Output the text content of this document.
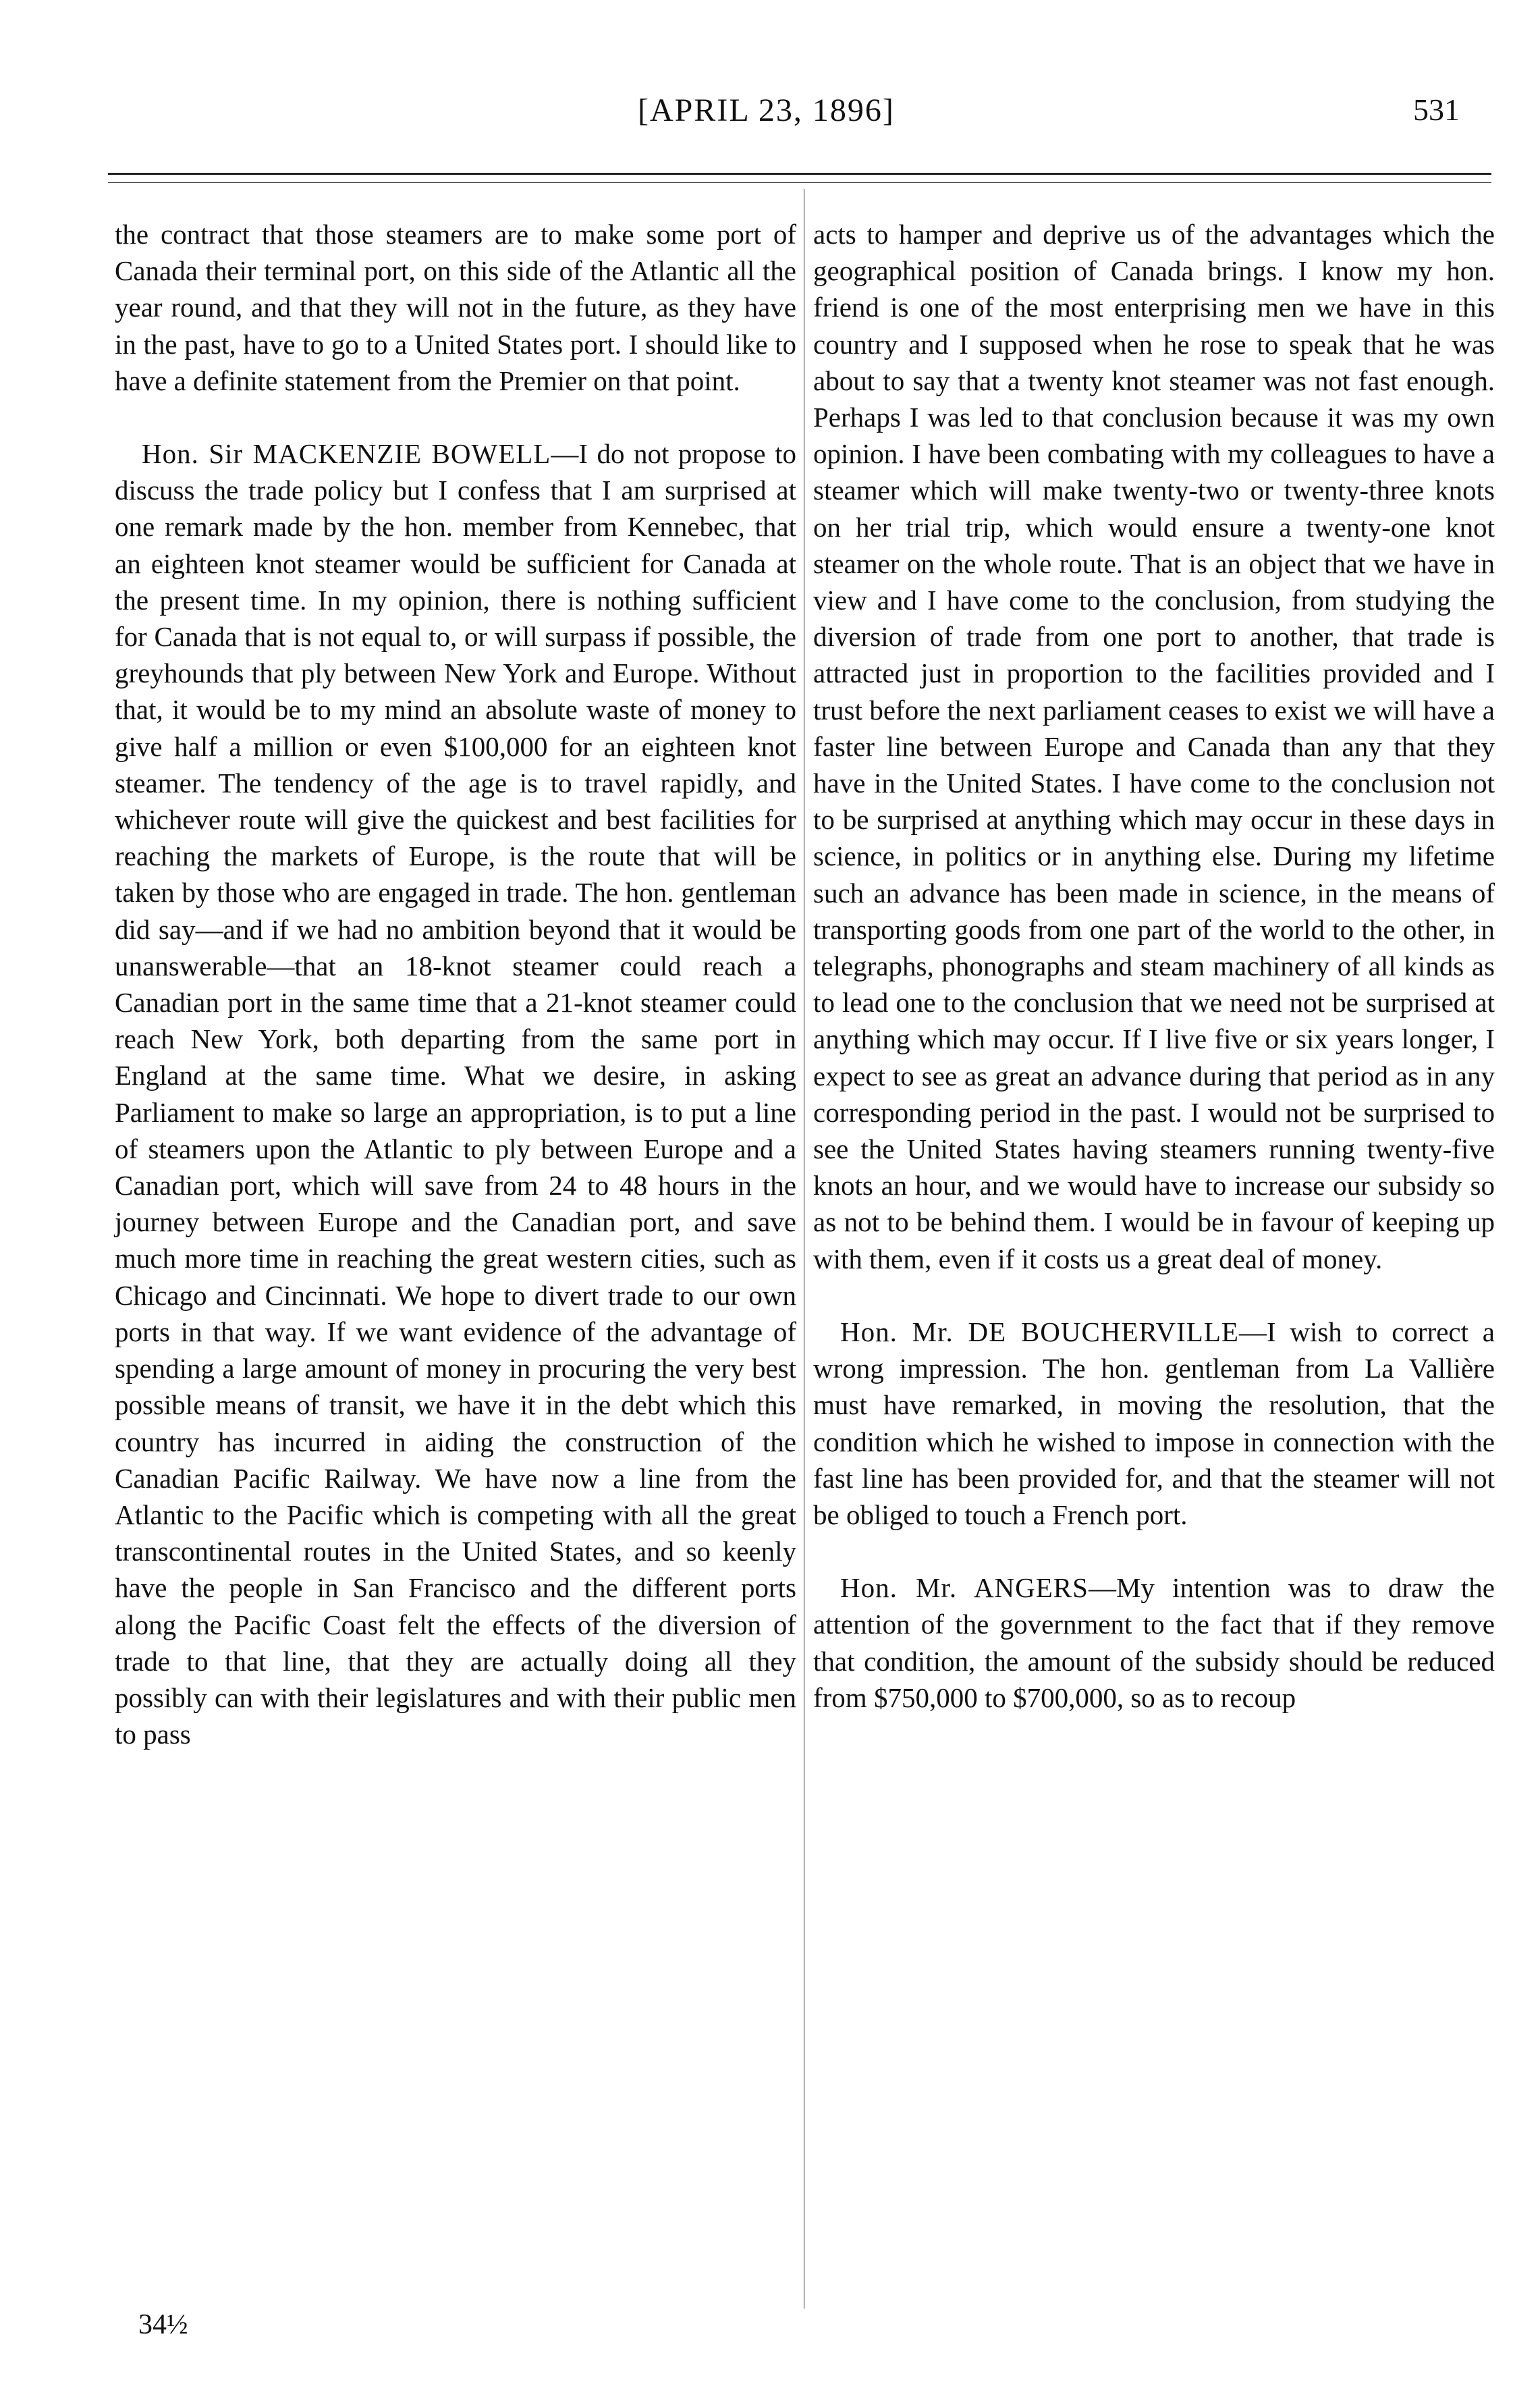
[APRIL 23, 1896]	531

the contract that those steamers are to make some port of Canada their terminal port, on this side of the Atlantic all the year round, and that they will not in the future, as they have in the past, have to go to a United States port. I should like to have a definite statement from the Premier on that point.

Hon. Sir MACKENZIE BOWELL—I do not propose to discuss the trade policy but I confess that I am surprised at one remark made by the hon. member from Kennebec, that an eighteen knot steamer would be sufficient for Canada at the present time. In my opinion, there is nothing sufficient for Canada that is not equal to, or will surpass if possible, the greyhounds that ply between New York and Europe. Without that, it would be to my mind an absolute waste of money to give half a million or even $100,000 for an eighteen knot steamer. The tendency of the age is to travel rapidly, and whichever route will give the quickest and best facilities for reaching the markets of Europe, is the route that will be taken by those who are engaged in trade. The hon. gentleman did say—and if we had no ambition beyond that it would be unanswerable—that an 18-knot steamer could reach a Canadian port in the same time that a 21-knot steamer could reach New York, both departing from the same port in England at the same time. What we desire, in asking Parliament to make so large an appropriation, is to put a line of steamers upon the Atlantic to ply between Europe and a Canadian port, which will save from 24 to 48 hours in the journey between Europe and the Canadian port, and save much more time in reaching the great western cities, such as Chicago and Cincinnati. We hope to divert trade to our own ports in that way. If we want evidence of the advantage of spending a large amount of money in procuring the very best possible means of transit, we have it in the debt which this country has incurred in aiding the construction of the Canadian Pacific Railway. We have now a line from the Atlantic to the Pacific which is competing with all the great transcontinental routes in the United States, and so keenly have the people in San Francisco and the different ports along the Pacific Coast felt the effects of the diversion of trade to that line, that they are actually doing all they possibly can with their legislatures and with their public men to pass

acts to hamper and deprive us of the advantages which the geographical position of Canada brings. I know my hon. friend is one of the most enterprising men we have in this country and I supposed when he rose to speak that he was about to say that a twenty knot steamer was not fast enough. Perhaps I was led to that conclusion because it was my own opinion. I have been combating with my colleagues to have a steamer which will make twenty-two or twenty-three knots on her trial trip, which would ensure a twenty-one knot steamer on the whole route. That is an object that we have in view and I have come to the conclusion, from studying the diversion of trade from one port to another, that trade is attracted just in proportion to the facilities provided and I trust before the next parliament ceases to exist we will have a faster line between Europe and Canada than any that they have in the United States. I have come to the conclusion not to be surprised at anything which may occur in these days in science, in politics or in anything else. During my lifetime such an advance has been made in science, in the means of transporting goods from one part of the world to the other, in telegraphs, phonographs and steam machinery of all kinds as to lead one to the conclusion that we need not be surprised at anything which may occur. If I live five or six years longer, I expect to see as great an advance during that period as in any corresponding period in the past. I would not be surprised to see the United States having steamers running twenty-five knots an hour, and we would have to increase our subsidy so as not to be behind them. I would be in favour of keeping up with them, even if it costs us a great deal of money.

Hon. Mr. DE BOUCHERVILLE—I wish to correct a wrong impression. The hon. gentleman from La Vallière must have remarked, in moving the resolution, that the condition which he wished to impose in connection with the fast line has been provided for, and that the steamer will not be obliged to touch a French port.

Hon. Mr. ANGERS—My intention was to draw the attention of the government to the fact that if they remove that condition, the amount of the subsidy should be reduced from $750,000 to $700,000, so as to recoup

34½
